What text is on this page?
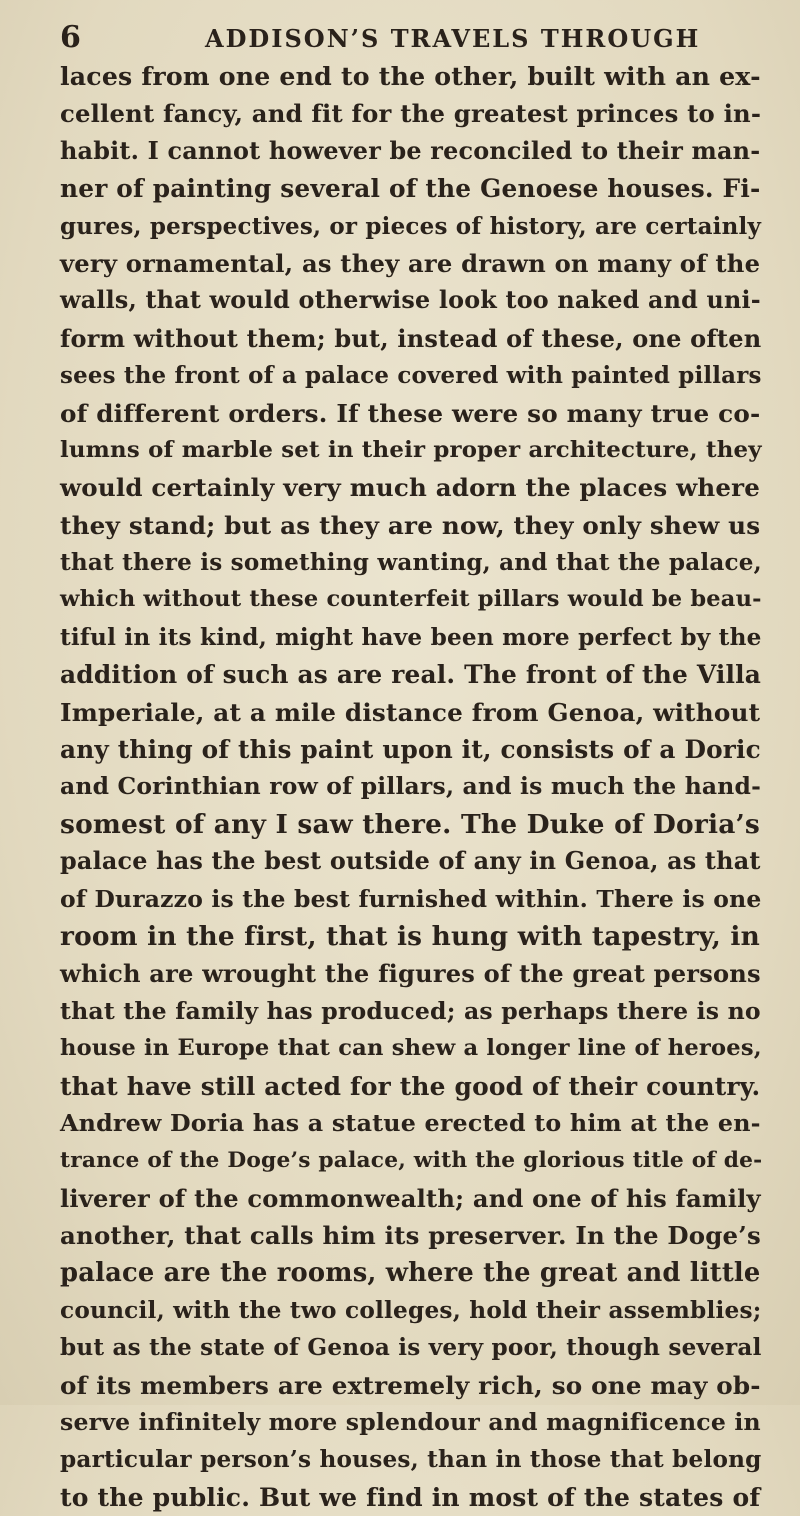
6	ADDISON’S TRAVELS THROUGH
laces from one end to the other, built with an ex-
cellent fancy, and fit for the greatest princes to in-
habit. I cannot however be reconciled to their man-
ner of painting several of the Genoese houses. Fi-
gures, perspectives, or pieces of history, are certainly
very ornamental, as they are drawn on many of the
walls, that would otherwise look too naked and uni-
form without them; but, instead of these, one often
sees the front of a palace covered with painted pillars
of different orders. If these were so many true co-
lumns of marble set in their proper architecture, they
would certainly very much adorn the places where
they stand; but as they are now, they only shew us
that there is something wanting, and that the palace,
which without these counterfeit pillars would be beau-
tiful in its kind, might have been more perfect by the
addition of such as are real. The front of the Villa
Imperiale, at a mile distance from Genoa, without
any thing of this paint upon it, consists of a Doric
and Corinthian row of pillars, and is much the hand-
somest of any I saw there. The Duke of Doria’s
palace has the best outside of any in Genoa, as that
of Durazzo is the best furnished within. There is one
room in the first, that is hung with tapestry, in
which are wrought the figures of the great persons
that the family has produced; as perhaps there is no
house in Europe that can shew a longer line of heroes,
that have still acted for the good of their country.
Andrew Doria has a statue erected to him at the en-
trance of the Doge’s palace, with the glorious title of de-
liverer of the commonwealth; and one of his family
another, that calls him its preserver. In the Doge’s
palace are the rooms, where the great and little
council, with the two colleges, hold their assemblies;
but as the state of Genoa is very poor, though several
of its members are extremely rich, so one may ob-
serve infinitely more splendour and magnificence in
particular person’s houses, than in those that belong
to the public. But we find in most of the states of
